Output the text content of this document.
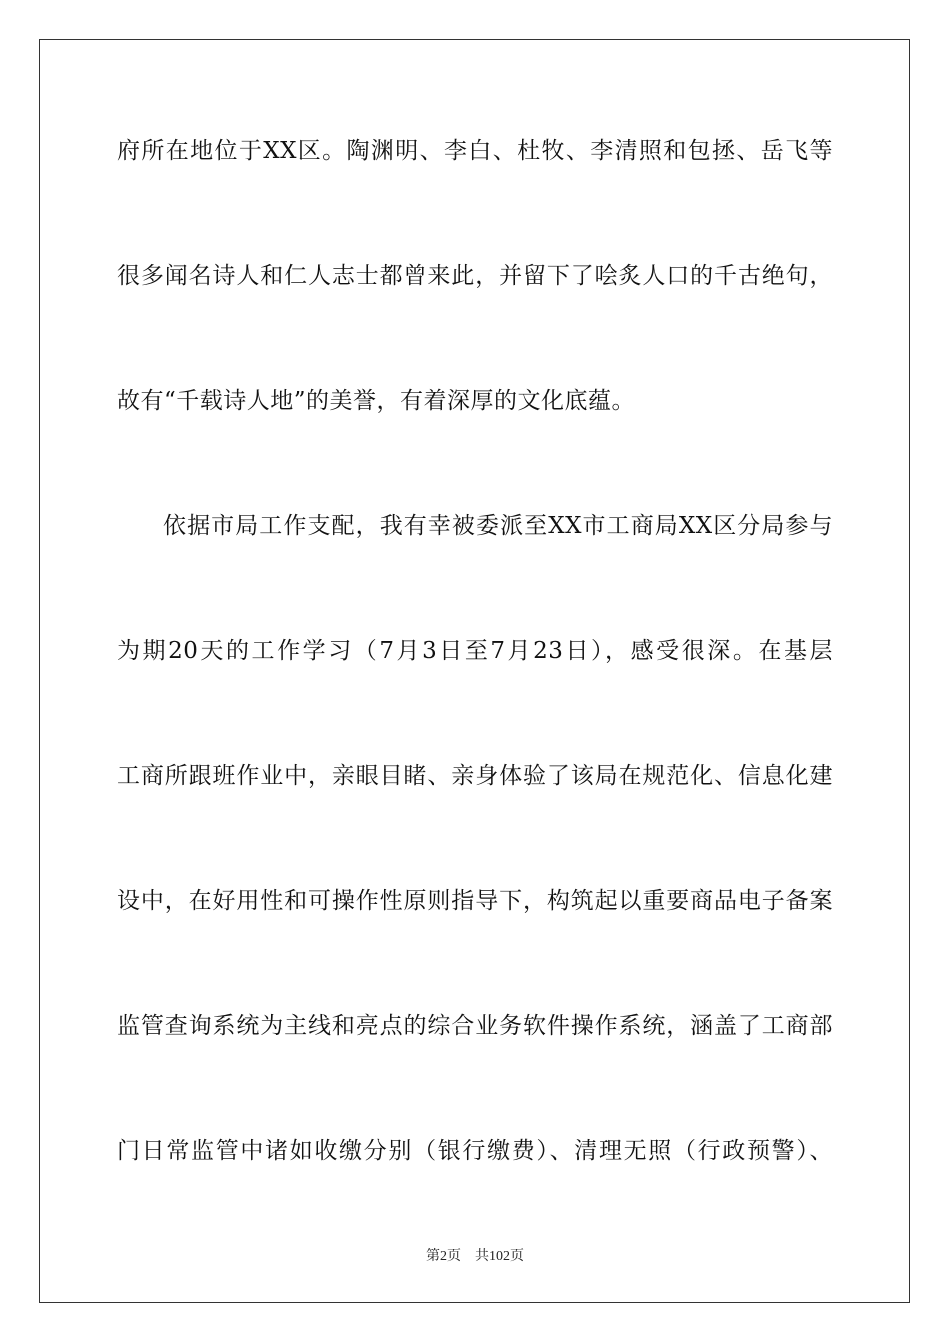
府所在地位于XX区。陶渊明、李白、杜牧、李清照和包拯、岳飞等
很多闻名诗人和仁人志士都曾来此，并留下了哙炙人口的千古绝句，
故有“千载诗人地”的美誉，有着深厚的文化底蕴。
依据市局工作支配，我有幸被委派至XX市工商局XX区分局参与
为期20天的工作学习（7月3日至7月23日），感受很深。在基层
工商所跟班作业中，亲眼目睹、亲身体验了该局在规范化、信息化建
设中，在好用性和可操作性原则指导下，构筑起以重要商品电子备案
监管查询系统为主线和亮点的综合业务软件操作系统，涵盖了工商部
门日常监管中诸如收缴分别（银行缴费）、清理无照（行政预警）、
第2页 共102页
